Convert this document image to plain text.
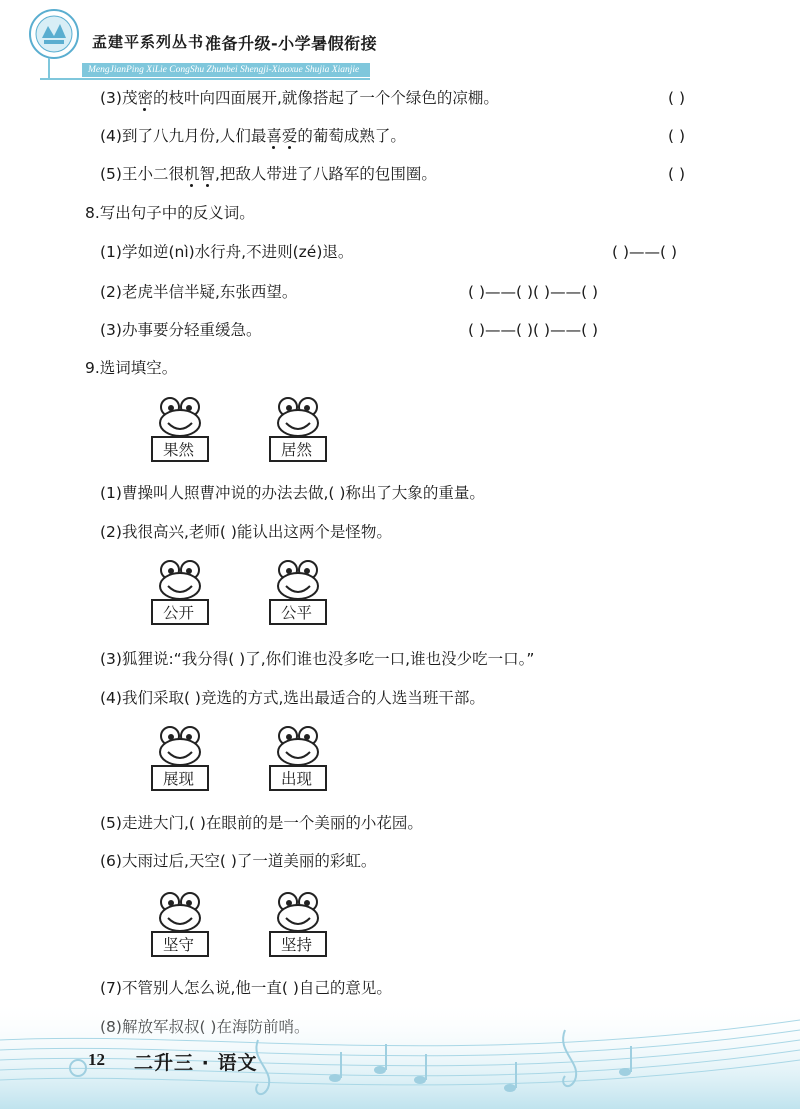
孟建平系列丛书 准备升级-小学暑假衔接
MengJianPing XiLie CongShu Zhunbei Shengji-Xiaoxue Shujia Xianjie
(3)茂密
的枝叶向四面展开,就像搭起了一个个绿色的凉棚。	( )
(4)到了八九月份,人们最喜爱
的葡萄成熟了。	( )
(5)王小二很机智
,把敌人带进了八路军的包围圈。	( )
8.写出句子中的反义词。
(1)学如逆(nì)水行舟,不进则(zé)退。	( )——( )
(2)老虎半信半疑,东张西望。	( )——( )( )——( )
(3)办事要分轻重缓急。	( )——( )( )——( )
9.选词填空。
果然	居然
(1)曹操叫人照曹冲说的办法去做,( )称出了大象的重量。
(2)我很高兴,老师( )能认出这两个是怪物。
公开	公平
(3)狐狸说:“我分得( )了,你们谁也没多吃一口,谁也没少吃一口。”
(4)我们采取( )竞选的方式,选出最适合的人选当班干部。
展现	出现
(5)走进大门,( )在眼前的是一个美丽的小花园。
(6)大雨过后,天空( )了一道美丽的彩虹。
坚守	坚持
(7)不管别人怎么说,他一直( )自己的意见。
12 二升三 · 语文
